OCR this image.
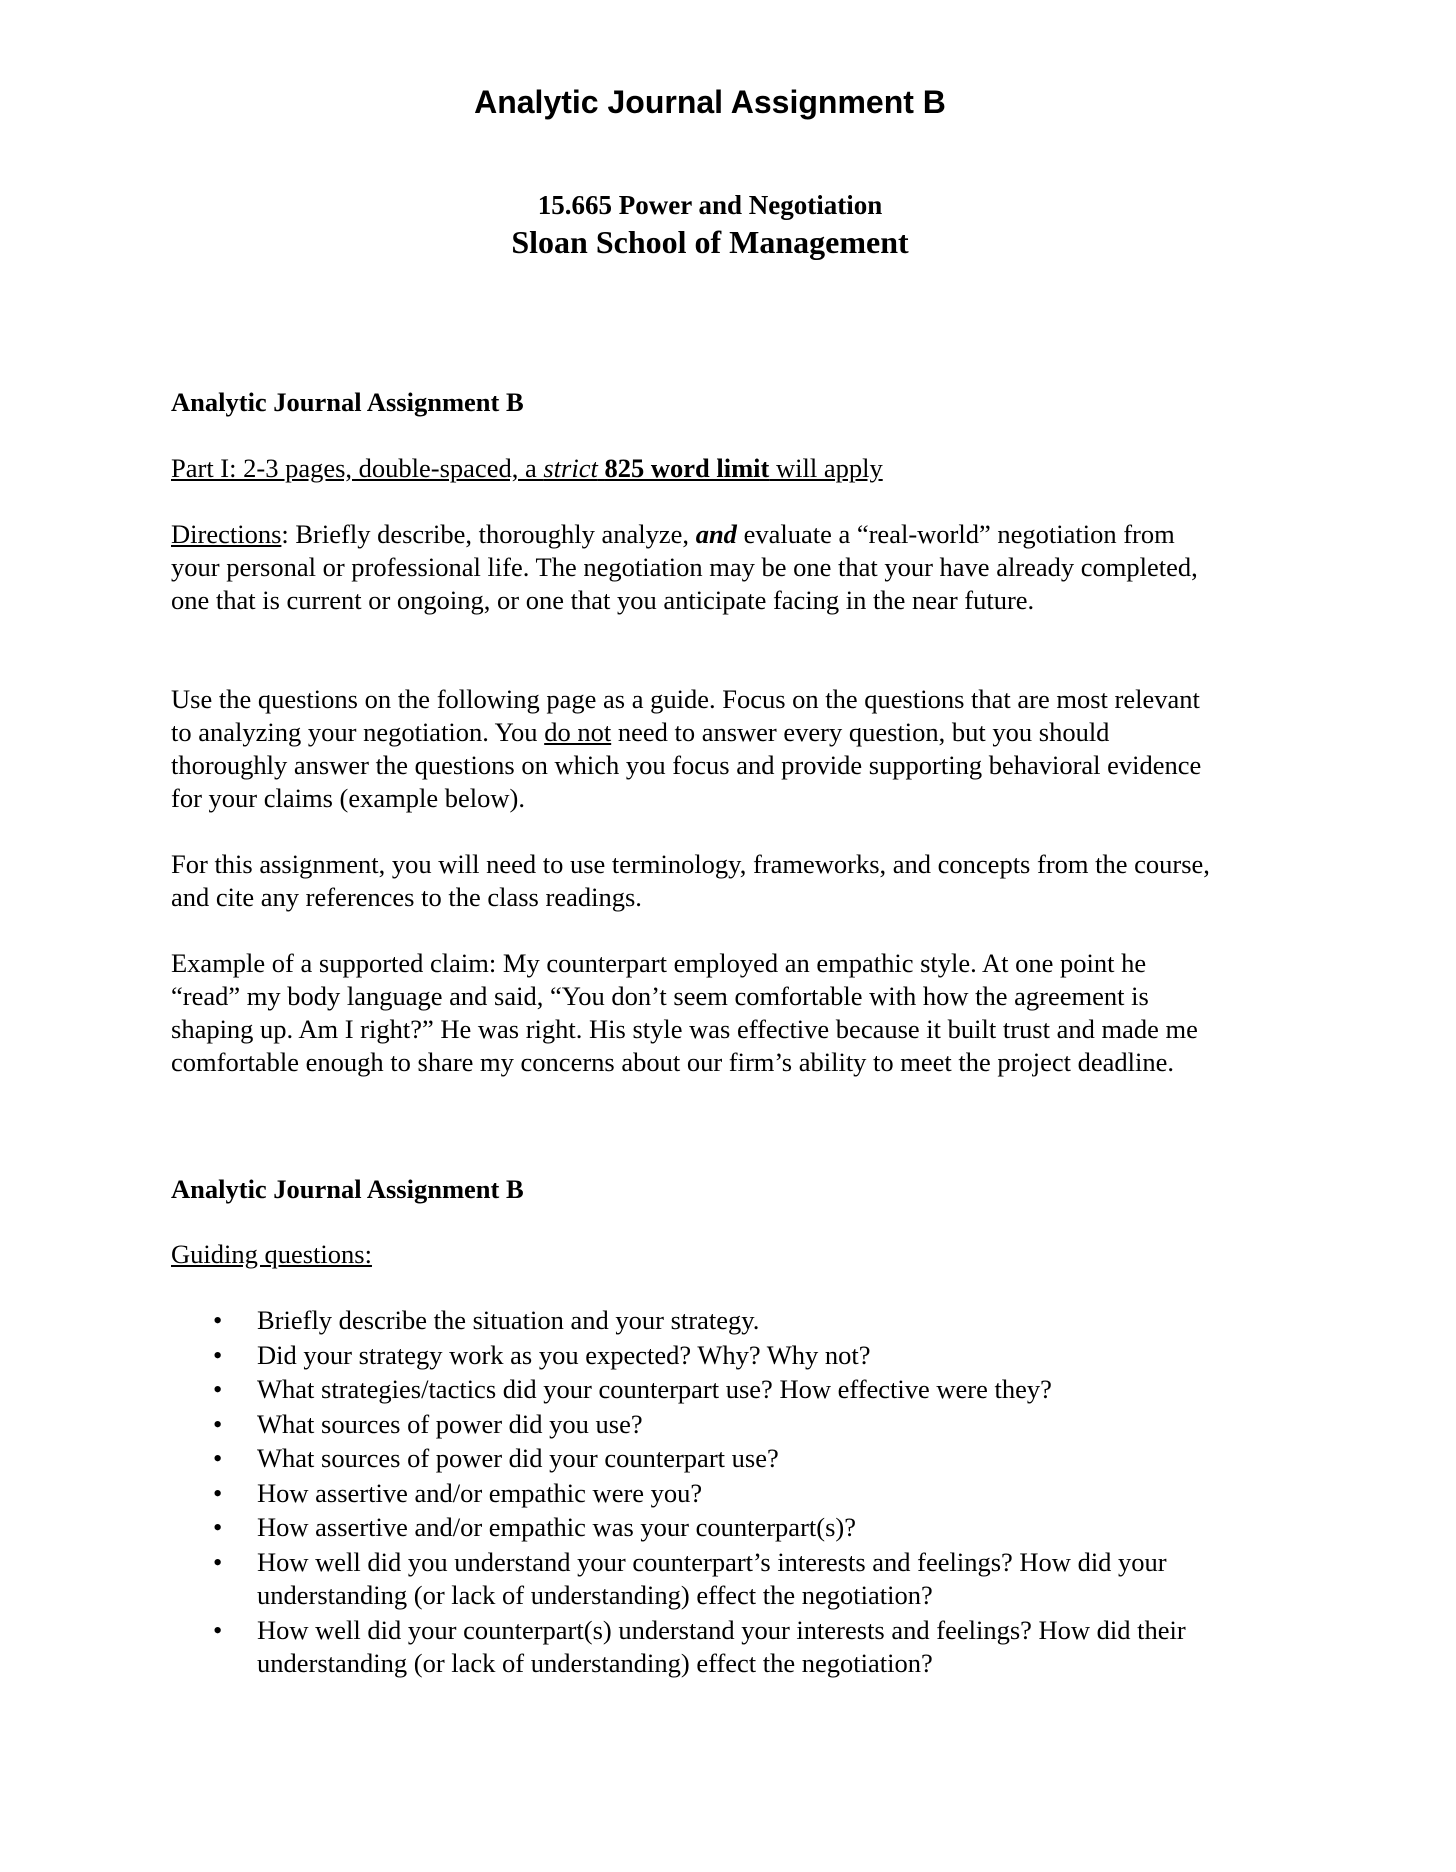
Analytic Journal Assignment B
15.665 Power and Negotiation
Sloan School of Management

Analytic Journal Assignment B

Part I: 2-3 pages, double-spaced, a strict 825 word limit will apply

Directions: Briefly describe, thoroughly analyze, and evaluate a “real-world” negotiation from your personal or professional life. The negotiation may be one that your have already completed, one that is current or ongoing, or one that you anticipate facing in the near future.

Use the questions on the following page as a guide. Focus on the questions that are most relevant to analyzing your negotiation. You do not need to answer every question, but you should thoroughly answer the questions on which you focus and provide supporting behavioral evidence for your claims (example below).

For this assignment, you will need to use terminology, frameworks, and concepts from the course, and cite any references to the class readings.

Example of a supported claim: My counterpart employed an empathic style. At one point he “read” my body language and said, “You don’t seem comfortable with how the agreement is shaping up. Am I right?” He was right. His style was effective because it built trust and made me comfortable enough to share my concerns about our firm’s ability to meet the project deadline.

Analytic Journal Assignment B

Guiding questions:

• Briefly describe the situation and your strategy.
• Did your strategy work as you expected? Why? Why not?
• What strategies/tactics did your counterpart use? How effective were they?
• What sources of power did you use?
• What sources of power did your counterpart use?
• How assertive and/or empathic were you?
• How assertive and/or empathic was your counterpart(s)?
• How well did you understand your counterpart’s interests and feelings? How did your understanding (or lack of understanding) effect the negotiation?
• How well did your counterpart(s) understand your interests and feelings? How did their understanding (or lack of understanding) effect the negotiation?
